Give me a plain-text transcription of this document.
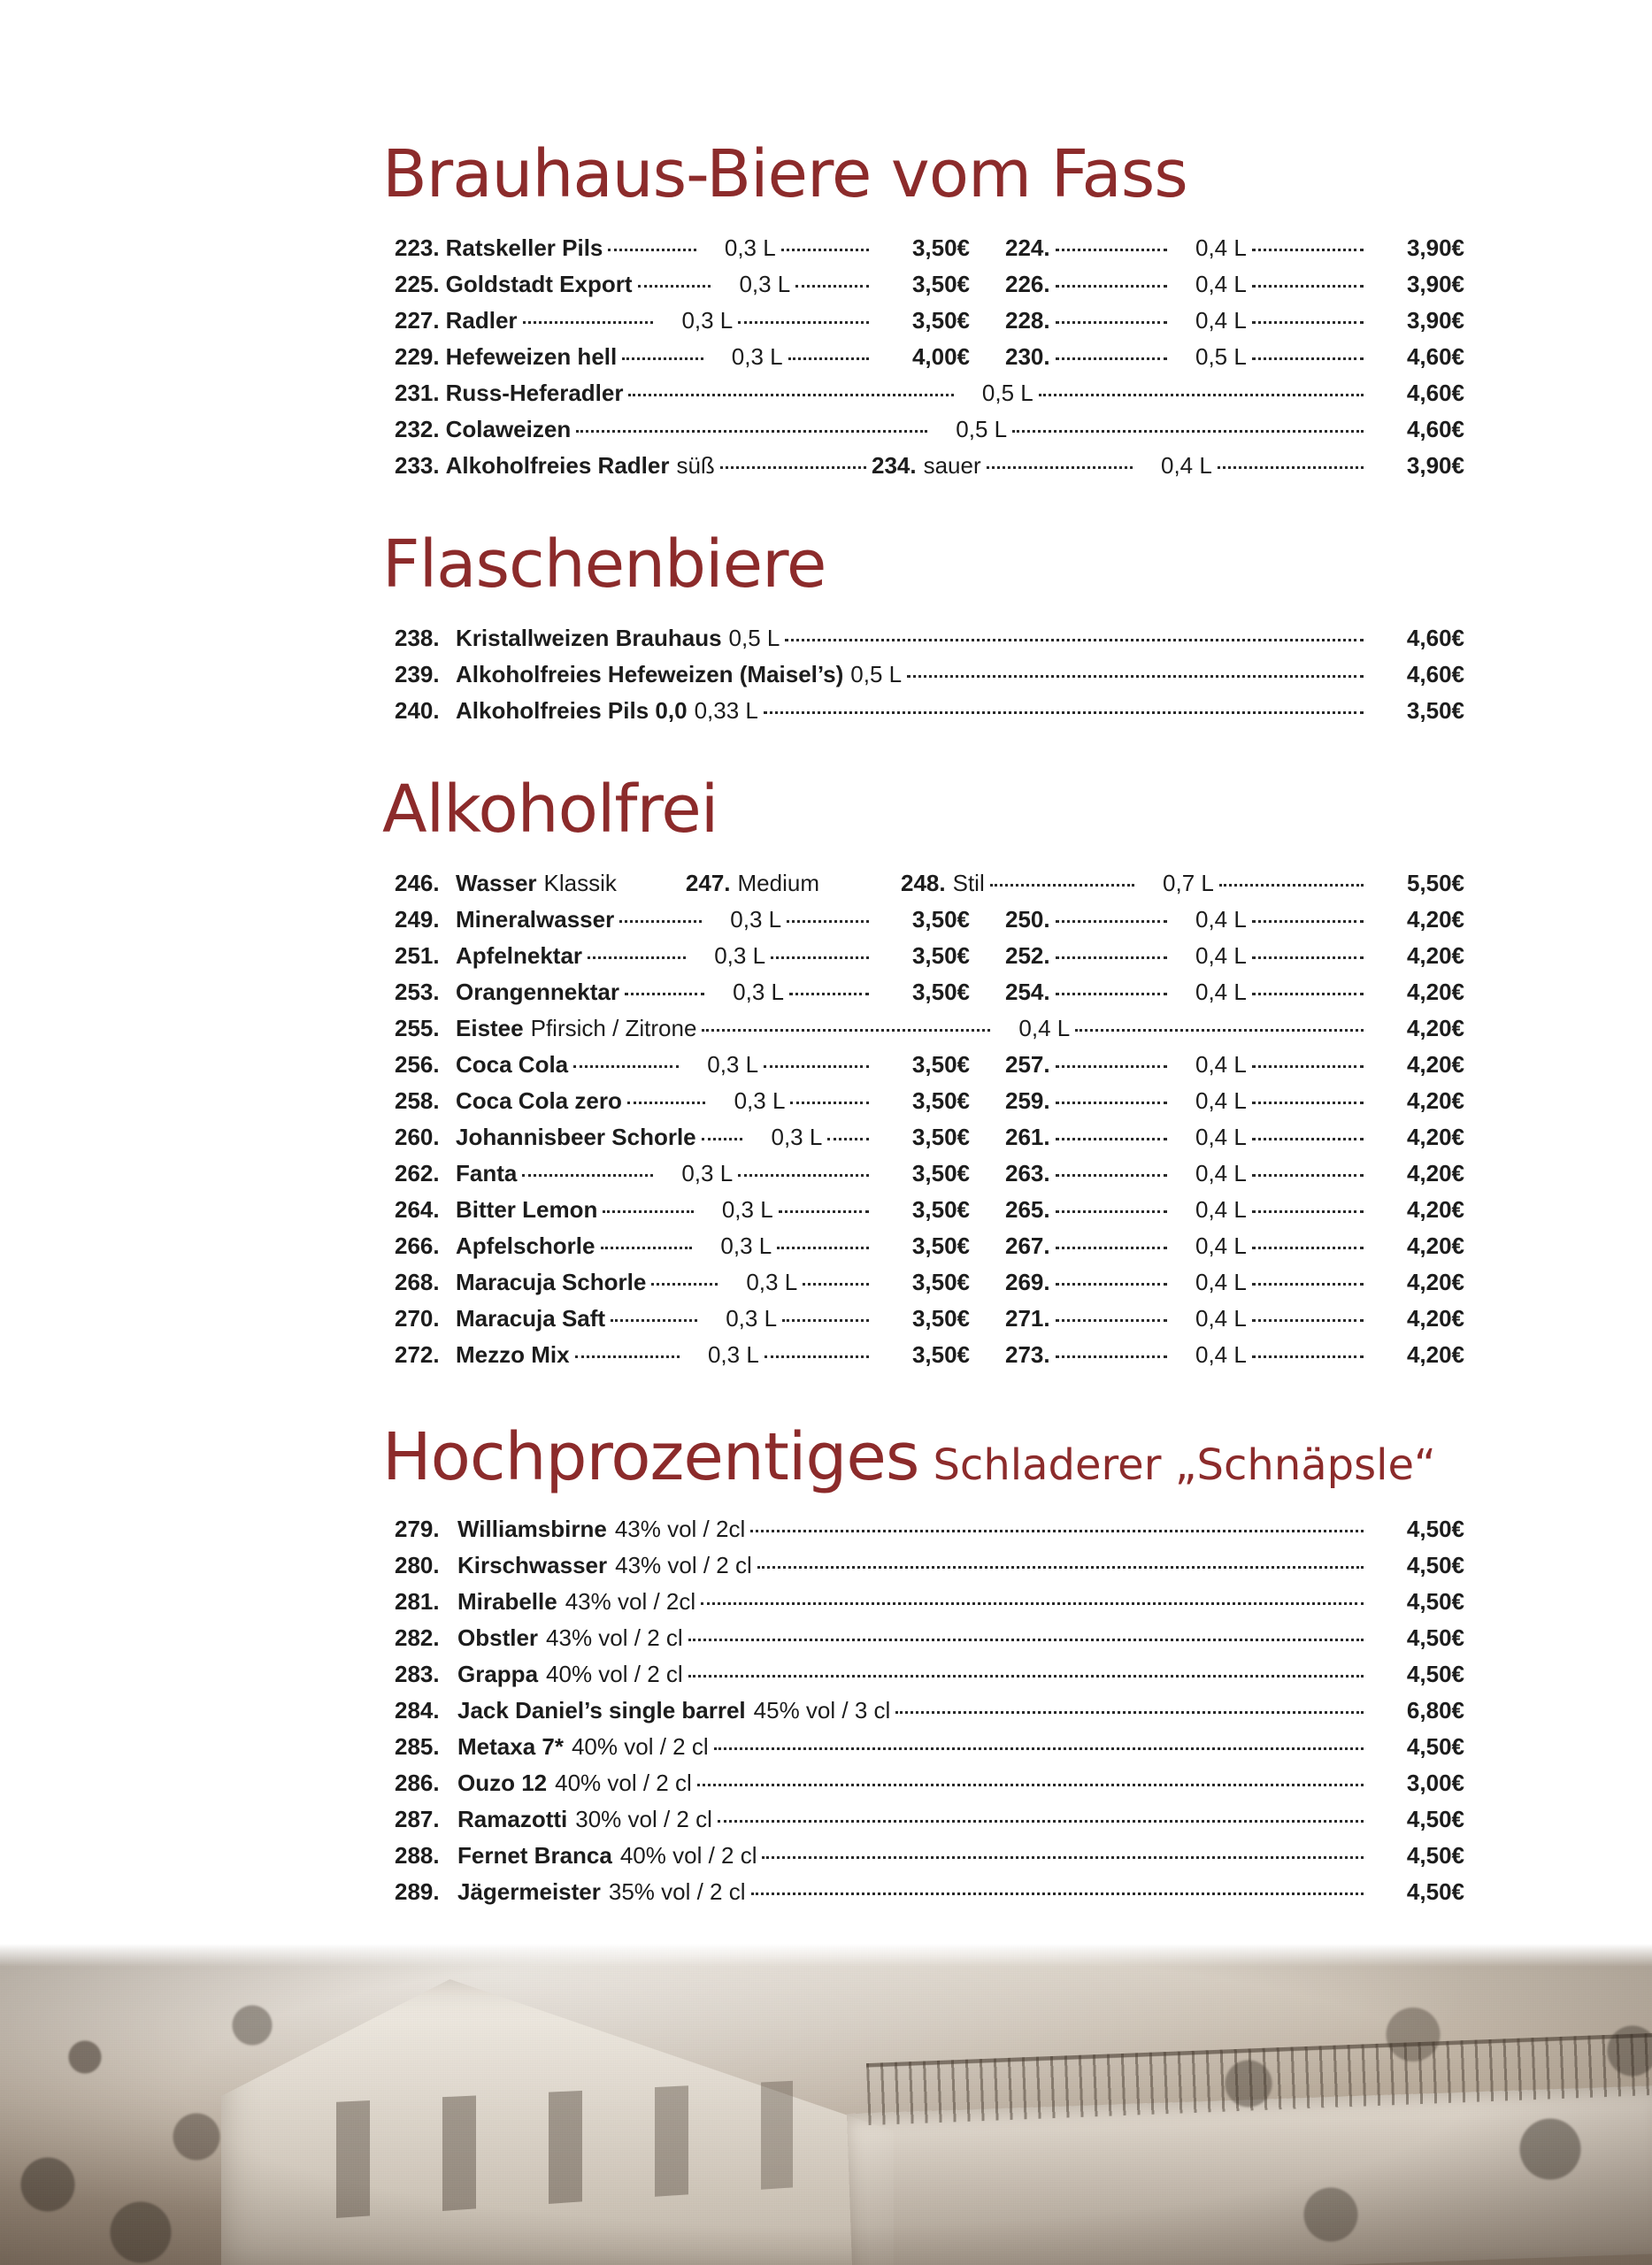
Brauhaus-Biere vom Fass
223. Ratskeller Pils	0,3 L	3,50€ 224.	0,4 L	3,90€
225. Goldstadt Export	0,3 L	3,50€ 226.	0,4 L	3,90€
227. Radler	0,3 L	3,50€ 228.	0,4 L	3,90€
229. Hefeweizen hell	0,3 L	4,00€ 230.	0,5 L	4,60€
231. Russ-Heferadler	0,5 L	4,60€
232. Colaweizen	0,5 L	4,60€
233. Alkoholfreies Radler süß	234. sauer	0,4 L	3,90€
Flaschenbiere
238. Kristallweizen Brauhaus 0,5 L	4,60€
239. Alkoholfreies Hefeweizen (Maisel’s) 0,5 L	4,60€
240. Alkoholfreies Pils 0,0 0,33 L	3,50€
Alkoholfrei
246. Wasser Klassik	247. Medium	248. Stil	0,7 L	5,50€
249. Mineralwasser	0,3 L	3,50€ 250.	0,4 L	4,20€
251. Apfelnektar	0,3 L	3,50€ 252.	0,4 L	4,20€
253. Orangennektar	0,3 L	3,50€ 254.	0,4 L	4,20€
255. Eistee Pfirsich / Zitrone	0,4 L	4,20€
256. Coca Cola	0,3 L	3,50€ 257.	0,4 L	4,20€
258. Coca Cola zero	0,3 L	3,50€ 259.	0,4 L	4,20€
260. Johannisbeer Schorle	0,3 L	3,50€ 261.	0,4 L	4,20€
262. Fanta	0,3 L	3,50€ 263.	0,4 L	4,20€
264. Bitter Lemon	0,3 L	3,50€ 265.	0,4 L	4,20€
266. Apfelschorle	0,3 L	3,50€ 267.	0,4 L	4,20€
268. Maracuja Schorle	0,3 L	3,50€ 269.	0,4 L	4,20€
270. Maracuja Saft	0,3 L	3,50€ 271.	0,4 L	4,20€
272. Mezzo Mix	0,3 L	3,50€ 273.	0,4 L	4,20€
Hochprozentiges Schladerer „Schnäpsle“
279. Williamsbirne 43% vol / 2cl	4,50€
280. Kirschwasser 43% vol / 2 cl	4,50€
281. Mirabelle 43% vol / 2cl	4,50€
282. Obstler 43% vol / 2 cl	4,50€
283. Grappa 40% vol / 2 cl	4,50€
284. Jack Daniel’s single barrel 45% vol / 3 cl	6,80€
285. Metaxa 7* 40% vol / 2 cl	4,50€
286. Ouzo 12 40% vol / 2 cl	3,00€
287. Ramazotti 30% vol / 2 cl	4,50€
288. Fernet Branca 40% vol / 2 cl	4,50€
289. Jägermeister 35% vol / 2 cl	4,50€
